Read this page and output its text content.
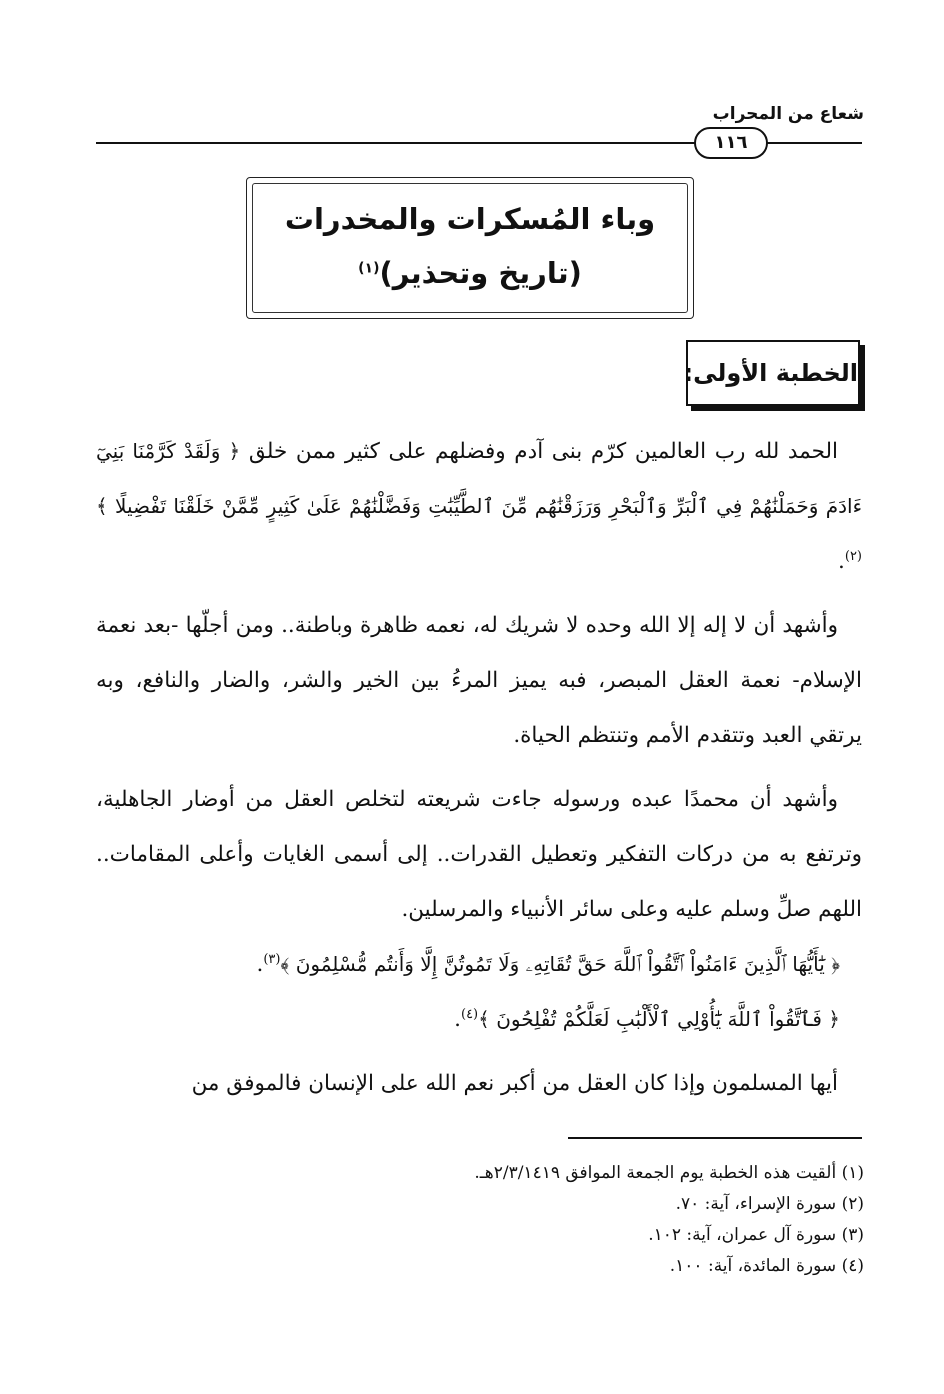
شعاع من المحراب
١١٦
وباء المُسكرات والمخدرات
(تاريخ وتحذير)$^{(١)}$
الخطبة الأولى:

الحمد لله رب العالمين كرّم بنى آدم وفضلهم على كثير ممن خلق ﴿ وَلَقَدْ كَرَّمْنَا بَنِيٓ ءَادَمَ وَحَمَلْنَٰهُمْ فِي ٱلْبَرِّ وَٱلْبَحْرِ وَرَزَقْنَٰهُم مِّنَ ٱلطَّيِّبَٰتِ وَفَضَّلْنَٰهُمْ عَلَىٰ كَثِيرٍ مِّمَّنْ خَلَقْنَا تَفْضِيلًا ﴾$^{(٢)}$.

وأشهد أن لا إله إلا الله وحده لا شريك له، نعمه ظاهرة وباطنة.. ومن أجلّها -بعد نعمة الإسلام- نعمة العقل المبصر، فبه يميز المرءُ بين الخير والشر، والضار والنافع، وبه يرتقي العبد وتتقدم الأمم وتنتظم الحياة.

وأشهد أن محمدًا عبده ورسوله جاءت شريعته لتخلص العقل من أوضار الجاهلية، وترتفع به من دركات التفكير وتعطيل القدرات.. إلى أسمى الغايات وأعلى المقامات.. اللهم صلِّ وسلم عليه وعلى سائر الأنبياء والمرسلين.

﴿ يَٰٓأَيُّهَا ٱلَّذِينَ ءَامَنُواْ ٱتَّقُواْ ٱللَّهَ حَقَّ تُقَاتِهِۦ وَلَا تَمُوتُنَّ إِلَّا وَأَنتُم مُّسْلِمُونَ ﴾$^{(٣)}$.

﴿ فَٱتَّقُواْ ٱللَّهَ يَٰٓأُوْلِي ٱلْأَلْبَٰبِ لَعَلَّكُمْ تُفْلِحُونَ ﴾$^{(٤)}$.

أيها المسلمون وإذا كان العقل من أكبر نعم الله على الإنسان فالموفق من

(١) ألقيت هذه الخطبة يوم الجمعة الموافق ٢/٣/١٤١٩هـ.

(٢) سورة الإسراء، آية: ٧٠.

(٣) سورة آل عمران، آية: ١٠٢.

(٤) سورة المائدة، آية: ١٠٠.
